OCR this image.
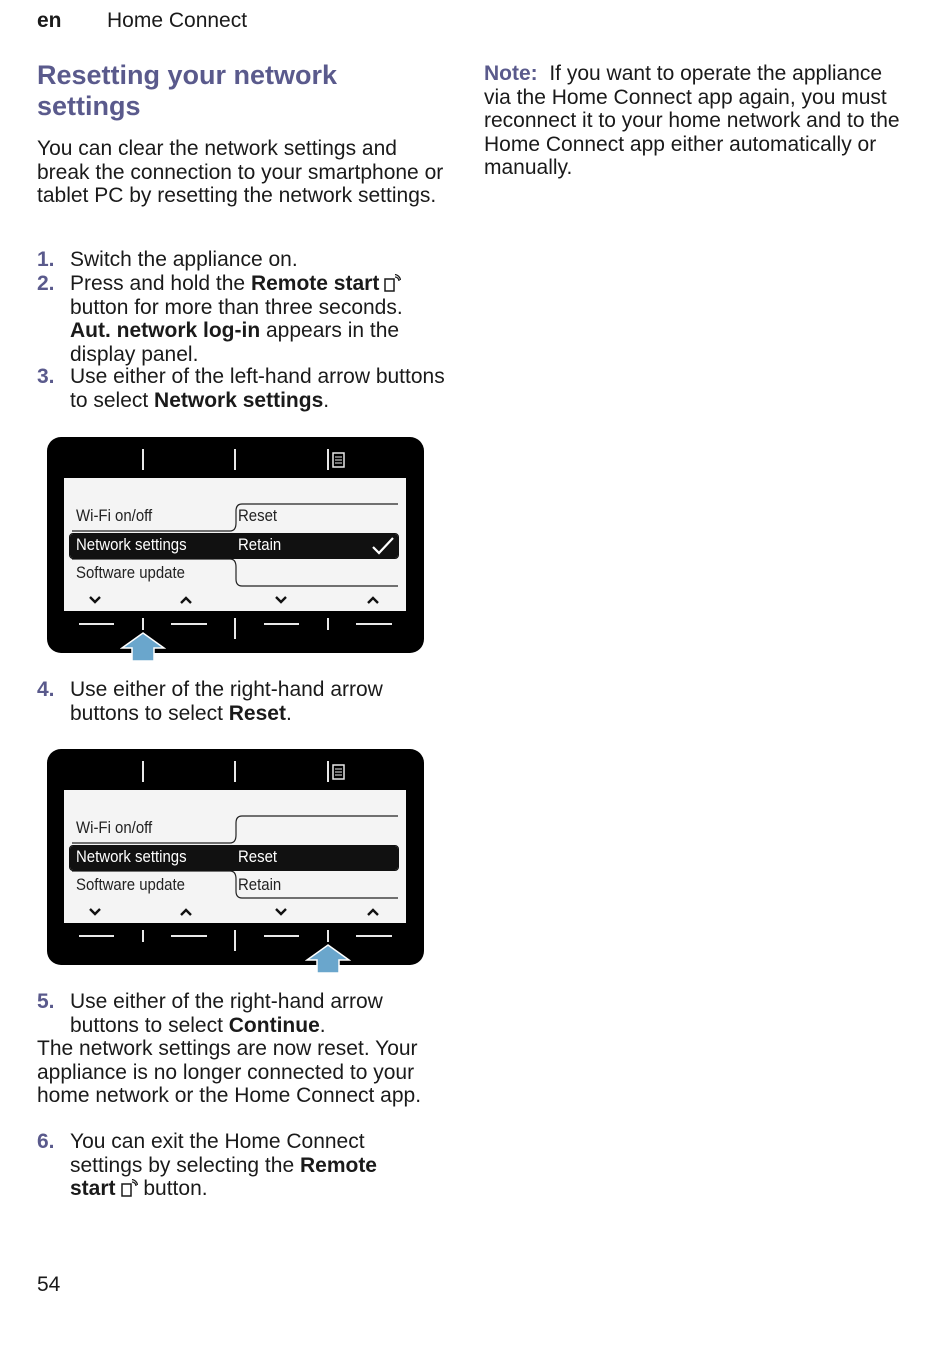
en Home Connect
Resetting your network settings
You can clear the network settings and break the connection to your smartphone or tablet PC by resetting the network settings.
Note: If you want to operate the appliance via the Home Connect app again, you must reconnect it to your home network and to the Home Connect app either automatically or manually.
1. Switch the appliance on.
2. Press and hold the Remote start button for more than three seconds.
Aut. network log-in appears in the display panel.
3. Use either of the left-hand arrow buttons to select Network settings.
Wi-Fi on/off
Network settings
Software update
Reset
Retain
4. Use either of the right-hand arrow buttons to select Reset.
Wi-Fi on/off
Network settings
Software update
Reset
Retain
5. Use either of the right-hand arrow buttons to select Continue.
The network settings are now reset. Your appliance is no longer connected to your home network or the Home Connect app.
6. You can exit the Home Connect settings by selecting the Remote start button.
54
